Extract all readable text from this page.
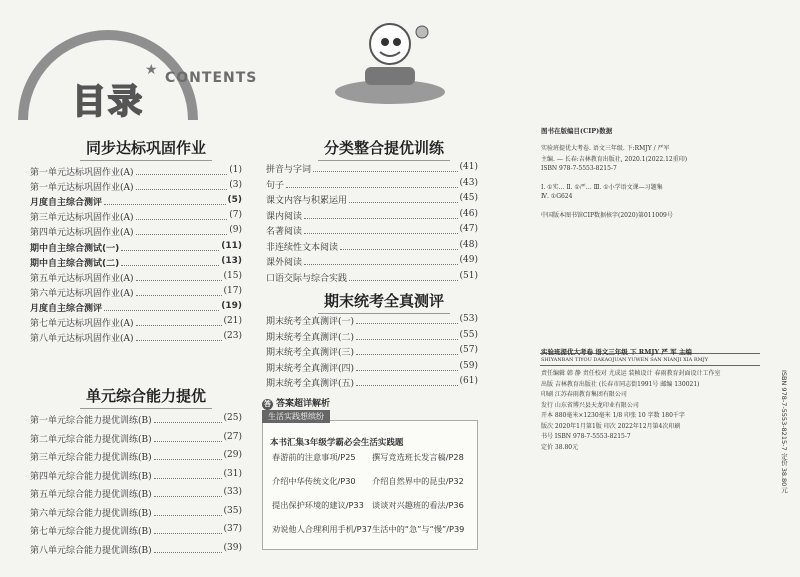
★
目录
CONTENTS
同步达标巩固作业
第一单元达标巩固作业(A)	(1)
第一单元达标巩固作业(A)	(3)
月度自主综合测评	(5)
第三单元达标巩固作业(A)	(7)
第四单元达标巩固作业(A)	(9)
期中自主综合测试(一)	(11)
期中自主综合测试(二)	(13)
第五单元达标巩固作业(A)	(15)
第六单元达标巩固作业(A)	(17)
月度自主综合测评	(19)
第七单元达标巩固作业(A)	(21)
第八单元达标巩固作业(A)	(23)
单元综合能力提优
第一单元综合能力提优训练(B)	(25)
第二单元综合能力提优训练(B)	(27)
第三单元综合能力提优训练(B)	(29)
第四单元综合能力提优训练(B)	(31)
第五单元综合能力提优训练(B)	(33)
第六单元综合能力提优训练(B)	(35)
第七单元综合能力提优训练(B)	(37)
第八单元综合能力提优训练(B)	(39)
分类整合提优训练
拼音与字词	(41)
句子	(43)
课文内容与积累运用	(45)
课内阅读	(46)
名著阅读	(47)
非连续性文本阅读	(48)
课外阅读	(49)
口语交际与综合实践	(51)
期末统考全真测评
期末统考全真测评(一)	(53)
期末统考全真测评(二)	(55)
期末统考全真测评(三)	(57)
期末统考全真测评(四)	(59)
期末统考全真测评(五)	(61)
答 答案超详解析
生活实践想缤纷
本书汇集3年级学霸必会生活实践题
春游前的注意事项/P25 撰写竞选班长发言稿/P28
介绍中华传统文化/P30 介绍自然界中的昆虫/P32
提出保护环境的建议/P33 谈谈对兴趣班的看法/P36
劝说他人合理利用手机/P37 生活中的“急”与“慢”/P39
图书在版编目(CIP)数据
实验班提优大考卷. 语文三年级. 下:RMJY / 严军
主编. — 长春:吉林教育出版社, 2020.1(2022.12重印)
ISBN 978-7-5553-8215-7
Ⅰ. ①实… Ⅱ. ①严… Ⅲ. ①小学语文课—习题集
Ⅳ. ①G624
中国版本图书馆CIP数据核字(2020)第011009号
实验班提优大考卷 语文三年级 下 RMJY 严 军 主编
SHIYANBAN TIYOU DAKAOJUAN YUWEN SAN NIANJI XIA RMJY
责任编辑 韩 静 责任校对 尤成运 装帧设计 春雨教育封面设计工作室
出版 吉林教育出版社 (长春市同志街1991号 邮编 130021)
印刷 江苏春雨教育集团有限公司
发行 山东省博兴县天龙印业有限公司
开本 880毫米×1230毫米 1/8 印张 10 字数 180千字
版次 2020年1月第1版 印次 2022年12月第4次印刷
书号 ISBN 978-7-5553-8215-7
定价 38.80元	ISBN 978-7-5553-8215-7 定价 38.80元
